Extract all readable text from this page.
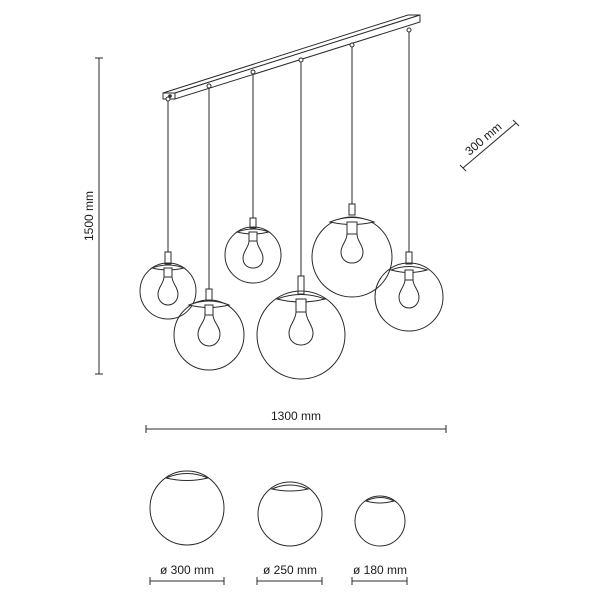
1500 mm
1300 mm
300 mm
ø 300 mm	ø 250 mm	ø 180 mm
